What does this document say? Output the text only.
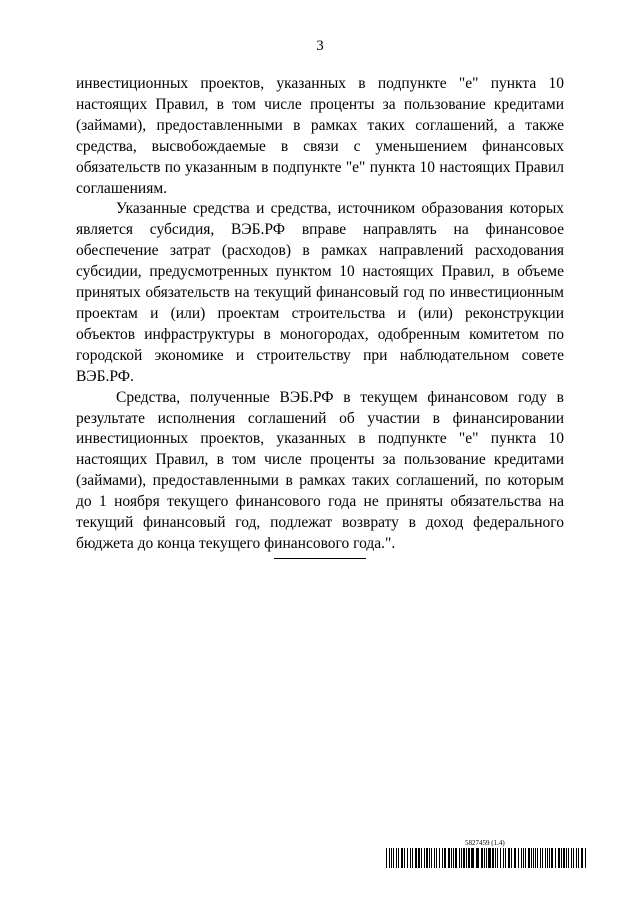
3

инвестиционных проектов, указанных в подпункте "е" пункта 10 настоящих Правил, в том числе проценты за пользование кредитами (займами), предоставленными в рамках таких соглашений, а также средства, высвобождаемые в связи с уменьшением финансовых обязательств по указанным в подпункте "е" пункта 10 настоящих Правил соглашениям.

Указанные средства и средства, источником образования которых является субсидия, ВЭБ.РФ вправе направлять на финансовое обеспечение затрат (расходов) в рамках направлений расходования субсидии, предусмотренных пунктом 10 настоящих Правил, в объеме принятых обязательств на текущий финансовый год по инвестиционным проектам и (или) проектам строительства и (или) реконструкции объектов инфраструктуры в моногородах, одобренным комитетом по городской экономике и строительству при наблюдательном совете ВЭБ.РФ.

Средства, полученные ВЭБ.РФ в текущем финансовом году в результате исполнения соглашений об участии в финансировании инвестиционных проектов, указанных в подпункте "е" пункта 10 настоящих Правил, в том числе проценты за пользование кредитами (займами), предоставленными в рамках таких соглашений, по которым до 1 ноября текущего финансового года не приняты обязательства на текущий финансовый год, подлежат возврату в доход федерального бюджета до конца текущего финансового года.".

5827459 (1.4)
